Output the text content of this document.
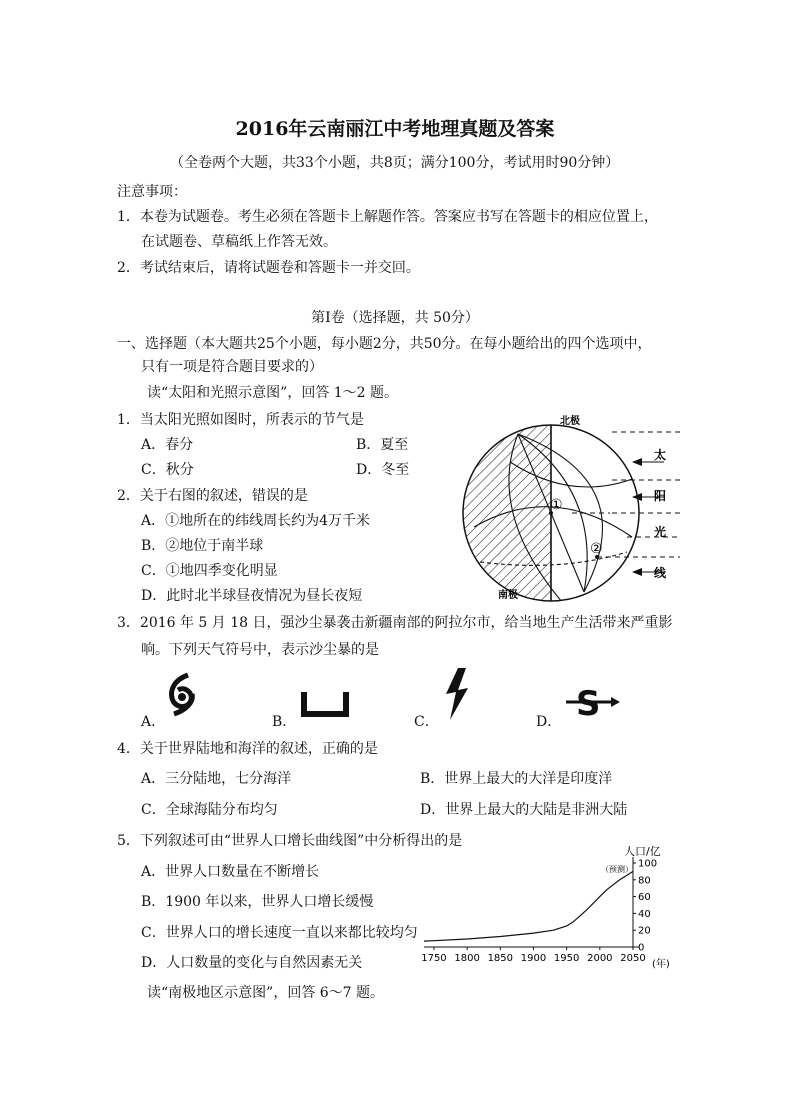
2016年云南丽江中考地理真题及答案
（全卷两个大题，共33个小题，共8页；满分100分，考试用时90分钟）
注意事项：
1．本卷为试题卷。考生必须在答题卡上解题作答。答案应书写在答题卡的相应位置上，
在试题卷、草稿纸上作答无效。
2．考试结束后，请将试题卷和答题卡一并交回。
第Ⅰ卷（选择题，共 50分）
一、选择题（本大题共25个小题，每小题2分，共50分。在每小题给出的四个选项中，
只有一项是符合题目要求的）
读“太阳和光照示意图”，回答 1～2 题。
1．当太阳光照如图时，所表示的节气是
A．春分	B．夏至
C．秋分	D．冬至
2．关于右图的叙述，错误的是
A．①地所在的纬线周长约为4万千米
B．②地位于南半球
C．①地四季变化明显
D．此时北半球昼夜情况为昼长夜短
北极
南极
①
②
太
阳
光
线
3．2016 年 5 月 18 日，强沙尘暴袭击新疆南部的阿拉尔市，给当地生产生活带来严重影
响。下列天气符号中，表示沙尘暴的是
A．	B．	C．	D． S
4．关于世界陆地和海洋的叙述，正确的是
A．三分陆地，七分海洋	B．世界上最大的大洋是印度洋
C．全球海陆分布均匀	D．世界上最大的大陆是非洲大陆
5．下列叙述可由“世界人口增长曲线图”中分析得出的是
A．世界人口数量在不断增长
B．1900 年以来，世界人口增长缓慢
C．世界人口的增长速度一直以来都比较均匀
D．人口数量的变化与自然因素无关
人口/亿
（预测）
(年)
1750 1800 1850 1900 1950 2000 2050
0
20
40
60
80
100
读“南极地区示意图”，回答 6～7 题。
